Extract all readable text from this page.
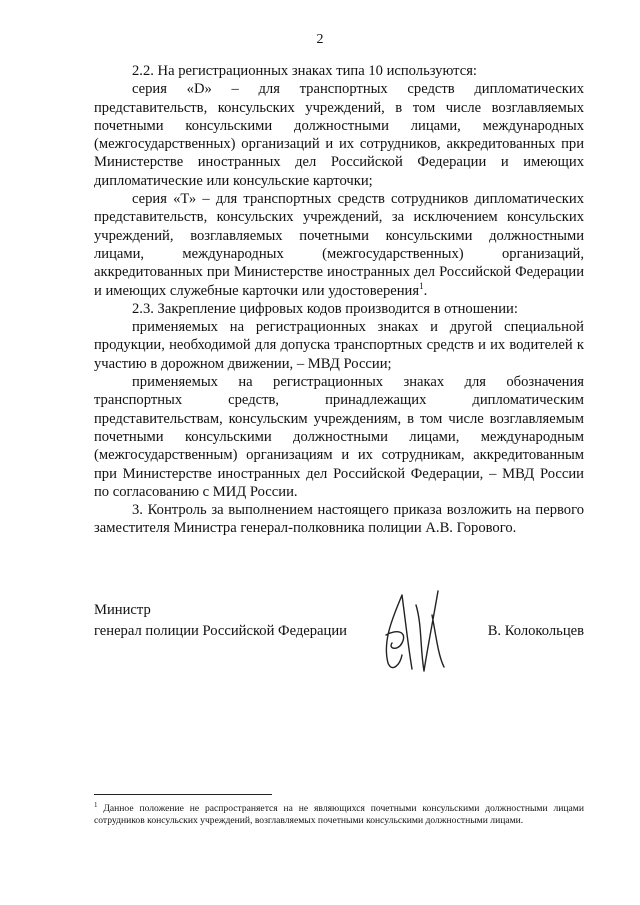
2

2.2. На регистрационных знаках типа 10 используются:

серия «D» – для транспортных средств дипломатических представительств, консульских учреждений, в том числе возглавляемых почетными консульскими должностными лицами, международных (межгосударственных) организаций и их сотрудников, аккредитованных при Министерстве иностранных дел Российской Федерации и имеющих дипломатические или консульские карточки;

серия «Т» – для транспортных средств сотрудников дипломатических представительств, консульских учреждений, за исключением консульских учреждений, возглавляемых почетными консульскими должностными лицами, международных (межгосударственных) организаций, аккредитованных при Министерстве иностранных дел Российской Федерации и имеющих служебные карточки или удостоверения$^1$.

2.3. Закрепление цифровых кодов производится в отношении:

применяемых на регистрационных знаках и другой специальной продукции, необходимой для допуска транспортных средств и их водителей к участию в дорожном движении, – МВД России;

применяемых на регистрационных знаках для обозначения транспортных средств, принадлежащих дипломатическим представительствам, консульским учреждениям, в том числе возглавляемым почетными консульскими должностными лицами, международным (межгосударственным) организациям и их сотрудникам, аккредитованным при Министерстве иностранных дел Российской Федерации, – МВД России по согласованию с МИД России.

3. Контроль за выполнением настоящего приказа возложить на первого заместителя Министра генерал-полковника полиции А.В. Горового.

Министр
генерал полиции Российской Федерации	В. Колокольцев
$^1$ Данное положение не распространяется на не являющихся почетными консульскими должностными лицами сотрудников консульских учреждений, возглавляемых почетными консульскими должностными лицами.
